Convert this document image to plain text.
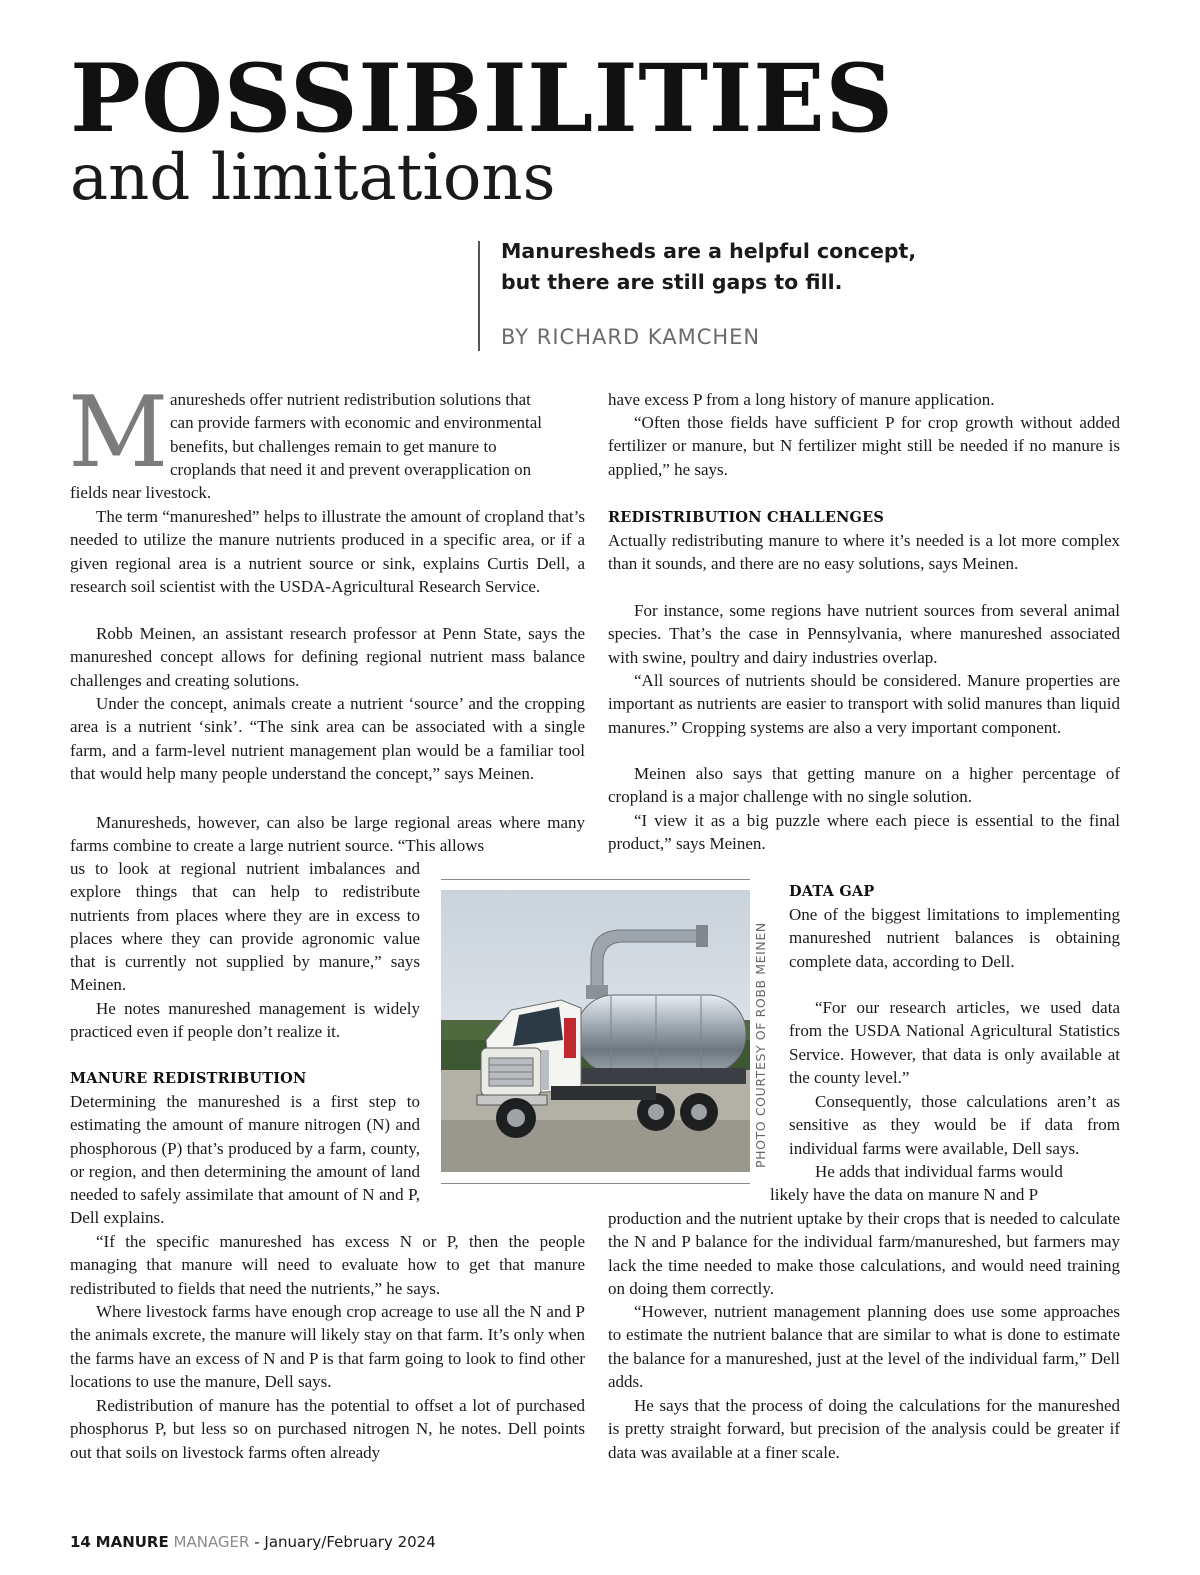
POSSIBILITIES
and limitations

Manuresheds are a helpful concept,
but there are still gaps to fill.

BY RICHARD KAMCHEN

M anuresheds offer nutrient redistribution solutions that
can provide farmers with economic and environmental
benefits, but challenges remain to get manure to
croplands that need it and prevent overapplication on

fields near livestock.

The term “manureshed” helps to illustrate the amount of cropland that’s needed to utilize the manure nutrients produced in a specific area, or if a given regional area is a nutrient source or sink, explains Curtis Dell, a research soil scientist with the USDA-Agricultural Research Service.

Robb Meinen, an assistant research professor at Penn State, says the manureshed concept allows for defining regional nutrient mass balance challenges and creating solutions.

Under the concept, animals create a nutrient ‘source’ and the cropping area is a nutrient ‘sink’. “The sink area can be associated with a single farm, and a farm-level nutrient management plan would be a familiar tool that would help many people understand the concept,” says Meinen.

Manuresheds, however, can also be large regional areas where many farms combine to create a large nutrient source. “This allows

us to look at regional nutrient imbalances and explore things that can help to redistribute nutrients from places where they are in excess to places where they can provide agronomic value that is currently not supplied by manure,” says Meinen.

He notes manureshed management is widely practiced even if people don’t realize it.

MANURE REDISTRIBUTION

Determining the manureshed is a first step to estimating the amount of manure nitrogen (N) and phosphorous (P) that’s produced by a farm, county, or region, and then determining the amount of land needed to safely assimilate that amount of N and P, Dell explains.

“If the specific manureshed has excess N or P, then the people managing that manure will need to evaluate how to get that manure redistributed to fields that need the nutrients,” he says.

Where livestock farms have enough crop acreage to use all the N and P the animals excrete, the manure will likely stay on that farm. It’s only when the farms have an excess of N and P is that farm going to look to find other locations to use the manure, Dell says.

Redistribution of manure has the potential to offset a lot of purchased phosphorus P, but less so on purchased nitrogen N, he notes. Dell points out that soils on livestock farms often already

have excess P from a long history of manure application.

“Often those fields have sufficient P for crop growth without added fertilizer or manure, but N fertilizer might still be needed if no manure is applied,” he says.

REDISTRIBUTION CHALLENGES

Actually redistributing manure to where it’s needed is a lot more complex than it sounds, and there are no easy solutions, says Meinen.

For instance, some regions have nutrient sources from several animal species. That’s the case in Pennsylvania, where manureshed associated with swine, poultry and dairy industries overlap.

“All sources of nutrients should be considered. Manure properties are important as nutrients are easier to transport with solid manures than liquid manures.” Cropping systems are also a very important component.

Meinen also says that getting manure on a higher percentage of cropland is a major challenge with no single solution.

“I view it as a big puzzle where each piece is essential to the final product,” says Meinen.

DATA GAP

One of the biggest limitations to implementing manureshed nutrient balances is obtaining complete data, according to Dell.

“For our research articles, we used data from the USDA National Agricultural Statistics Service. However, that data is only available at the county level.”

Consequently, those calculations aren’t as sensitive as they would be if data from individual farms were available, Dell says.

He adds that individual farms would

likely have the data on manure N and P

production and the nutrient uptake by their crops that is needed to calculate the N and P balance for the individual farm/manureshed, but farmers may lack the time needed to make those calculations, and would need training on doing them correctly.

“However, nutrient management planning does use some approaches to estimate the nutrient balance that are similar to what is done to estimate the balance for a manureshed, just at the level of the individual farm,” Dell adds.

He says that the process of doing the calculations for the manureshed is pretty straight forward, but precision of the analysis could be greater if data was available at a finer scale.

PHOTO COURTESY OF ROBB MEINEN

14 MANURE MANAGER - January/February 2024
